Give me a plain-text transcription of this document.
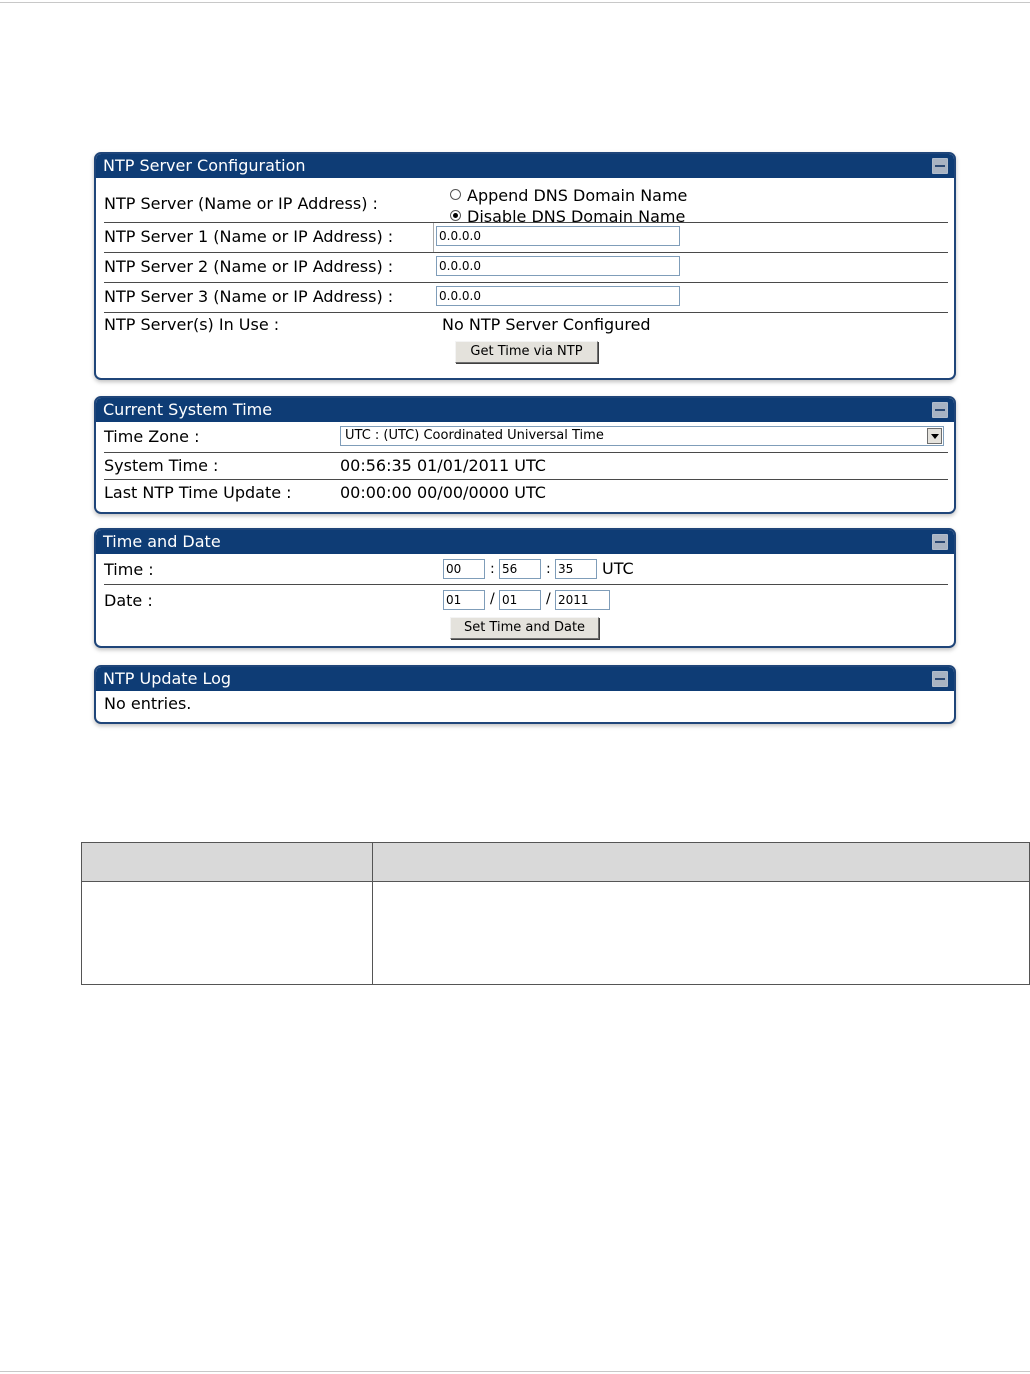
NTP Server Configuration
NTP Server (Name or IP Address) :	Append DNS Domain Name
Disable DNS Domain Name
NTP Server 1 (Name or IP Address) :	0.0.0.0
NTP Server 2 (Name or IP Address) :	0.0.0.0
NTP Server 3 (Name or IP Address) :	0.0.0.0
NTP Server(s) In Use :	No NTP Server Configured
Get Time via NTP
Current System Time
Time Zone :	UTC : (UTC) Coordinated Universal Time
System Time :	00:56:35 01/01/2011 UTC
Last NTP Time Update :	00:00:00 00/00/0000 UTC
Time and Date
Time :	00	: 56	: 35	UTC
Date :	01	/ 01	/ 2011
Set Time and Date
NTP Update Log
No entries.
